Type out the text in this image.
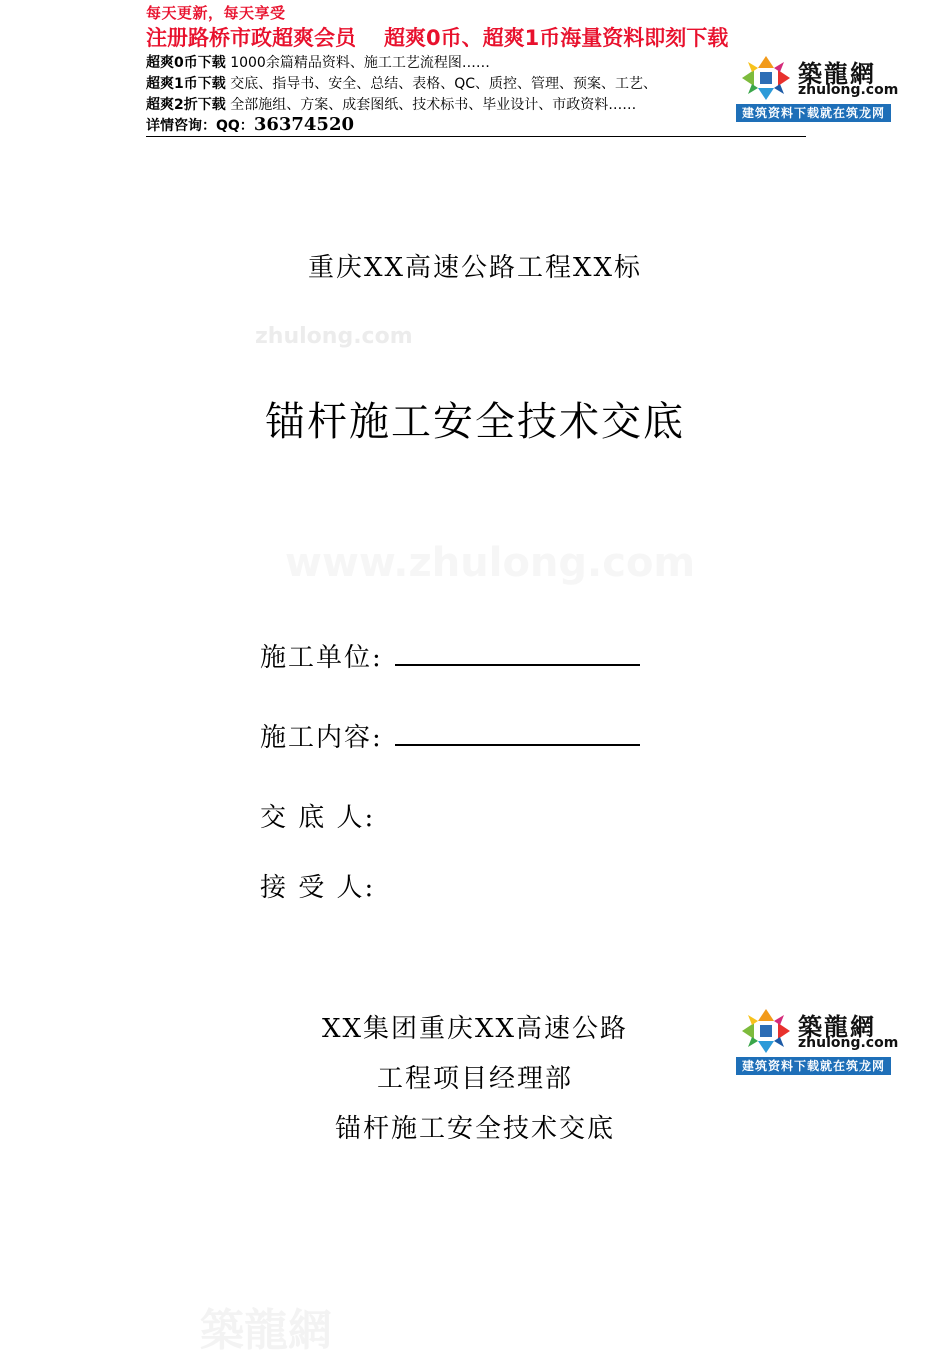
每天更新，每天享受
注册路桥市政超爽会员 超爽0币、超爽1币海量资料即刻下载
超爽0币下载 1000余篇精品资料、施工工艺流程图……
超爽1币下载 交底、指导书、安全、总结、表格、QC、质控、管理、预案、工艺、
超爽2折下载 全部施组、方案、成套图纸、技术标书、毕业设计、市政资料……
详情咨询：QQ：36374520
築龍網
zhulong.com
建筑资料下载就在筑龙网
重庆XX高速公路工程XX标
zhulong.com
锚杆施工安全技术交底
www.zhulong.com
施工单位:
施工内容:
交 底 人:
接 受 人:
XX集团重庆XX高速公路
工程项目经理部
锚杆施工安全技术交底
築龍網
zhulong.com
建筑资料下载就在筑龙网
築龍網
